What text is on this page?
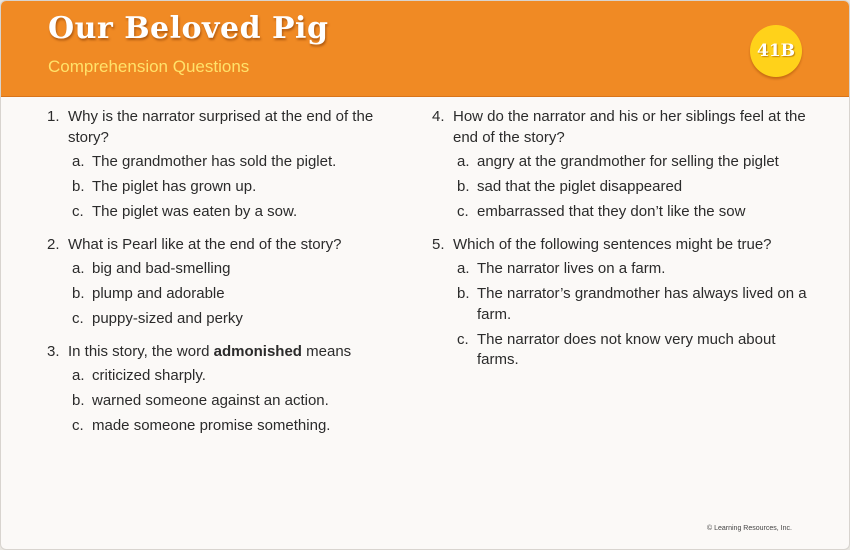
Our Beloved Pig
Comprehension Questions
41B
1. Why is the narrator surprised at the end of the story?
a. The grandmother has sold the piglet.
b. The piglet has grown up.
c. The piglet was eaten by a sow.
2. What is Pearl like at the end of the story?
a. big and bad-smelling
b. plump and adorable
c. puppy-sized and perky
3. In this story, the word admonished means
a. criticized sharply.
b. warned someone against an action.
c. made someone promise something.
4. How do the narrator and his or her siblings feel at the end of the story?
a. angry at the grandmother for selling the piglet
b. sad that the piglet disappeared
c. embarrassed that they don’t like the sow
5. Which of the following sentences might be true?
a. The narrator lives on a farm.
b. The narrator’s grandmother has always lived on a farm.
c. The narrator does not know very much about farms.
© Learning Resources, Inc.
